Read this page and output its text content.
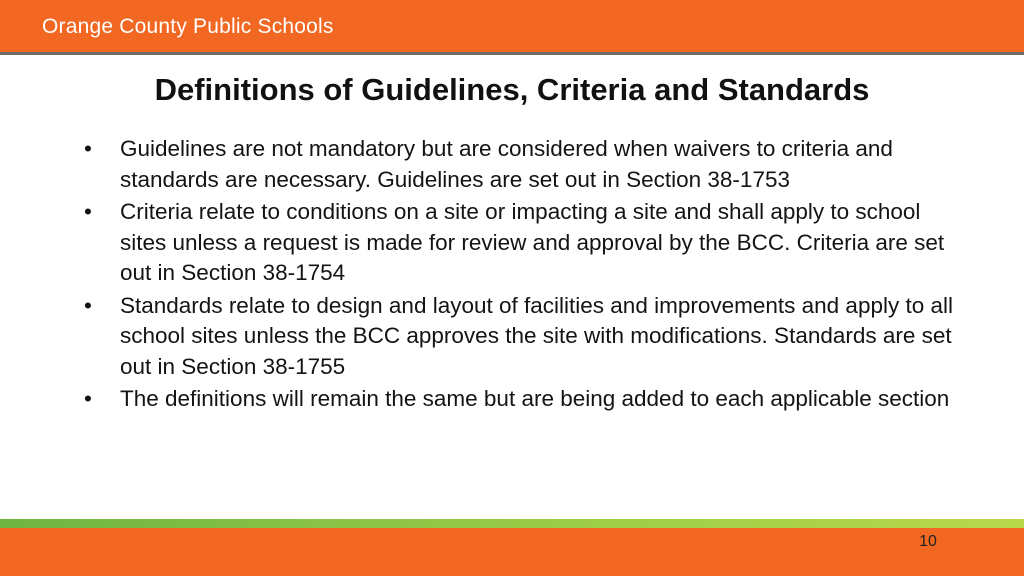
Orange County Public Schools
Definitions of Guidelines, Criteria and Standards
• Guidelines are not mandatory but are considered when waivers to criteria and standards are necessary. Guidelines are set out in Section 38-1753
• Criteria relate to conditions on a site or impacting a site and shall apply to school sites unless a request is made for review and approval by the BCC. Criteria are set out in Section 38-1754
• Standards relate to design and layout of facilities and improvements and apply to all school sites unless the BCC approves the site with modifications. Standards are set out in Section 38-1755
• The definitions will remain the same but are being added to each applicable section
10
